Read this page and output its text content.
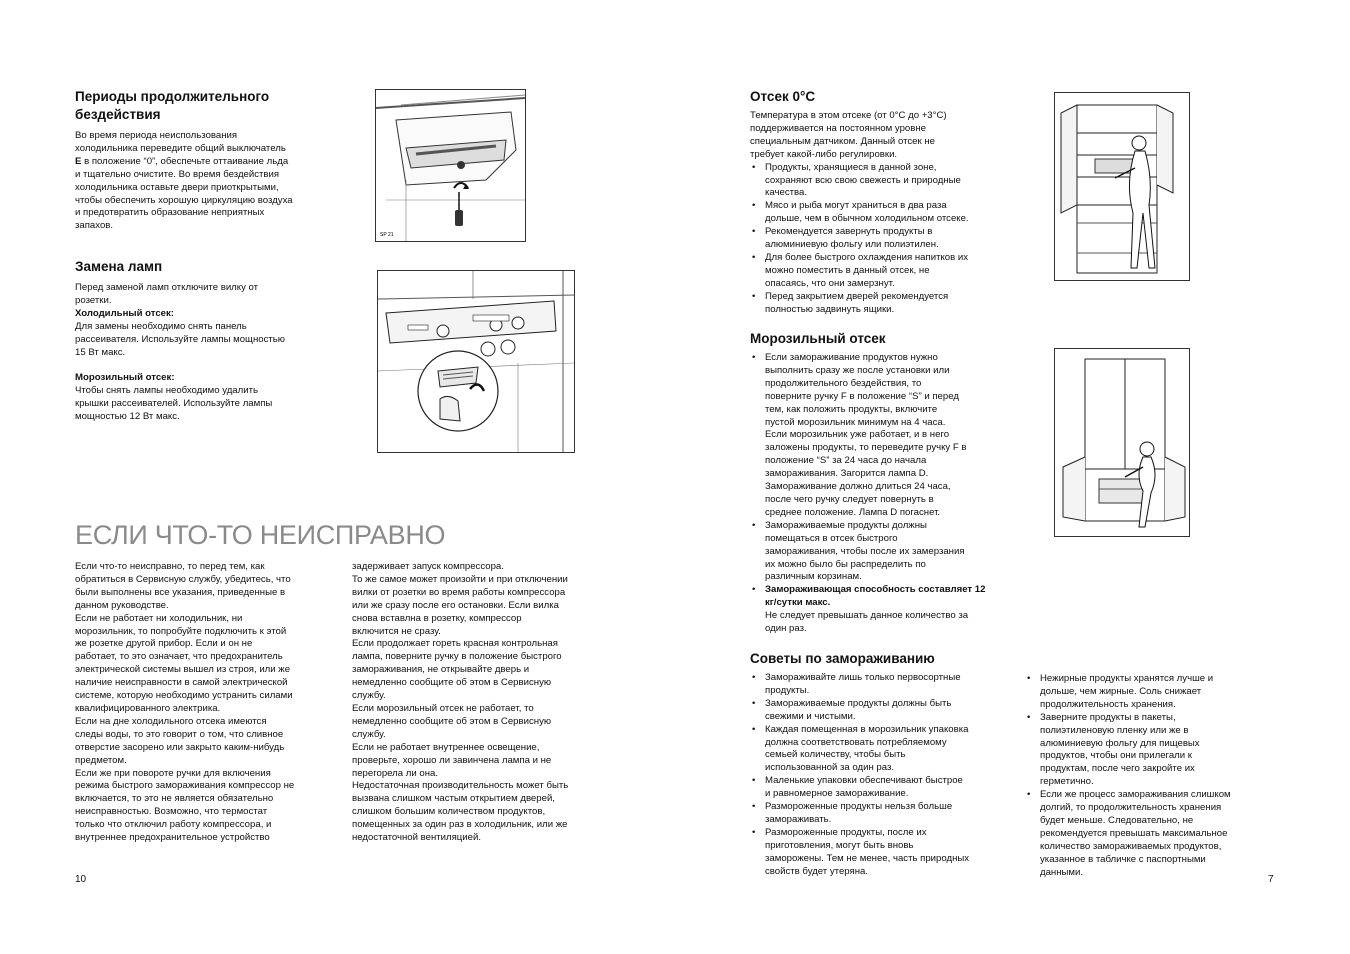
Периоды продолжительного
бездействия
Во время периода неиспользования
холодильника переведите общий выключатель
E в положение “0”, обеспечьте оттаивание льда
и тщательно очистите. Во время бездействия
холодильника оставьте двери приоткрытыми,
чтобы обеспечить хорошую циркуляцию воздуха
и предотвратить образование неприятных
запахов.
SP 21
Замена ламп
Перед заменой ламп отключите вилку от
розетки.
Холодильный отсек:
Для замены необходимо снять панель
рассеивателя. Используйте лампы мощностью
15 Вт макс.
Морозильный отсек:
Чтобы снять лампы необходимо удалить
крышки рассеивателей. Используйте лампы
мощностью 12 Вт макс.
ЕСЛИ ЧТО-ТО НЕИСПРАВНО
Если что-то неисправно, то перед тем, как
обратиться в Сервисную службу, убедитесь, что
были выполнены все указания, приведенные в
данном руководстве.
Если не работает ни холодильник, ни
морозильник, то попробуйте подключить к этой
же розетке другой прибор. Если и он не
работает, то это означает, что предохранитель
электрической системы вышел из строя, или же
наличие неисправности в самой электрической
системе, которую необходимо устранить силами
квалифицированного электрика.
Если на дне холодильного отсека имеются
следы воды, то это говорит о том, что сливное
отверстие засорено или закрыто каким-нибудь
предметом.
Если же при повороте ручки для включения
режима быстрого замораживания компрессор не
включается, то это не является обязательно
неисправностью. Возможно, что термостат
только что отключил работу компрессора, и
внутреннее предохранительное устройство
задерживает запуск компрессора.
То же самое может произойти и при отключении
вилки от розетки во время работы компрессора
или же сразу после его остановки. Если вилка
снова вставлна в розетку, компрессор
включится не сразу.
Если продолжает гореть красная контрольная
лампа, поверните ручку в положение быстрого
замораживания, не открывайте дверь и
немедленно сообщите об этом в Сервисную
службу.
Если морозильный отсек не работает, то
немедленно сообщите об этом в Сервисную
службу.
Если не работает внутреннее освещение,
проверьте, хорошо ли завинчена лампа и не
перегорела ли она.
Недостаточная производительность может быть
вызвана слишком частым открытием дверей,
слишком большим количеством продуктов,
помещенных за один раз в холодильник, или же
недостаточной вентиляцией.
10
Отсек 0°C
Температура в этом отсеке (от 0°C до +3°C)
поддерживается на постоянном уровне
специальным датчиком. Данный отсек не
требует какой-либо регулировки.
• Продукты, хранящиеся в данной зоне,
сохраняют всю свою свежесть и природные
качества.
• Мясо и рыба могут храниться в два раза
дольше, чем в обычном холодильном отсеке.
• Рекомендуется завернуть продукты в
алюминиевую фольгу или полиэтилен.
• Для более быстрого охлаждения напитков их
можно поместить в данный отсек, не
опасаясь, что они замерзнут.
• Перед закрытием дверей рекомендуется
полностью задвинуть ящики.
Морозильный отсек
• Если замораживание продуктов нужно
выполнить сразу же после установки или
продолжительного бездействия, то
поверните ручку F в положение “S” и перед
тем, как положить продукты, включите
пустой морозильник минимум на 4 часа.
Если морозильник уже работает, и в него
заложены продукты, то переведите ручку F в
положение “S” за 24 часа до начала
замораживания. Загорится лампа D.
Замораживание должно длиться 24 часа,
после чего ручку следует повернуть в
среднее положение. Лампа D погаснет.
• Замораживаемые продукты должны
помещаться в отсек быстрого
замораживания, чтобы после их замерзания
их можно было бы распределить по
различным корзинам.
• Замораживающая способность составляет 12
кг/сутки макс.
Не следует превышать данное количество за
один раз.
Советы по замораживанию
• Замораживайте лишь только первосортные
продукты.
• Замораживаемые продукты должны быть
свежими и чистыми.
• Каждая помещенная в морозильник упаковка
должна соответствовать потребляемому
семьей количеству, чтобы быть
использованной за один раз.
• Маленькие упаковки обеспечивают быстрое
и равномерное замораживание.
• Размороженные продукты нельзя больше
замораживать.
• Размороженные продукты, после их
приготовления, могут быть вновь
заморожены. Тем не менее, часть природных
свойств будет утеряна.
• Нежирные продукты хранятся лучше и
дольше, чем жирные. Соль снижает
продолжительность хранения.
• Заверните продукты в пакеты,
полиэтиленовую пленку или же в
алюминиевую фольгу для пищевых
продуктов, чтобы они прилегали к
продуктам, после чего закройте их
герметично.
• Если же процесс замораживания слишком
долгий, то продолжительность хранения
будет меньше. Следовательно, не
рекомендуется превышать максимальное
количество замораживаемых продуктов,
указанное в табличке с паспортными
данными.
7
